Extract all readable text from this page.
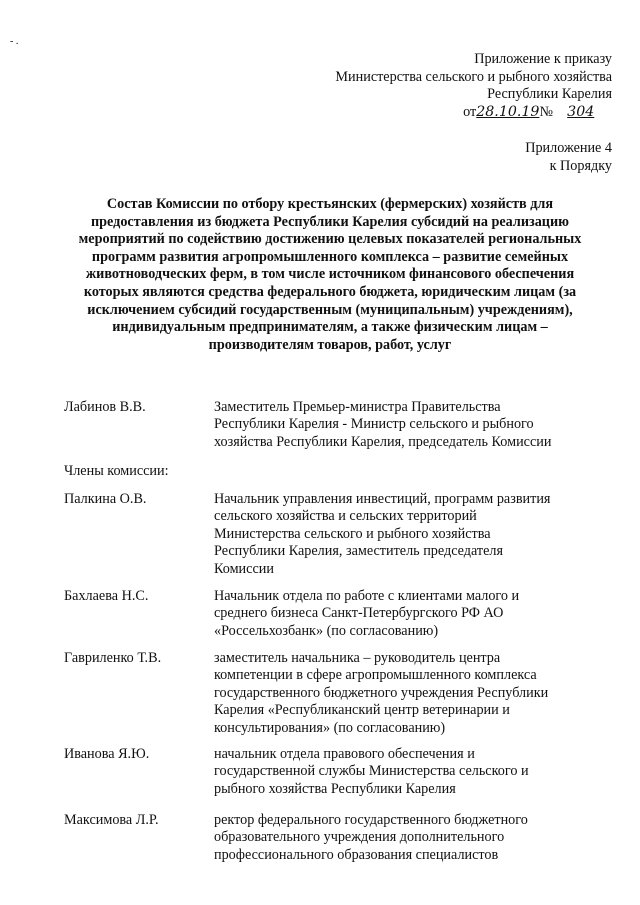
- .
Приложение к приказу
Министерства сельского и рыбного хозяйства
Республики Карелия
от28.10.19№ 304
Приложение 4
к Порядку
Состав Комиссии по отбору крестьянских (фермерских) хозяйств для
предоставления из бюджета Республики Карелия субсидий на реализацию
мероприятий по содействию достижению целевых показателей региональных
программ развития агропромышленного комплекса – развитие семейных
животноводческих ферм, в том числе источником финансового обеспечения
которых являются средства федерального бюджета, юридическим лицам (за
исключением субсидий государственным (муниципальным) учреждениям),
индивидуальным предпринимателям, а также физическим лицам –
производителям товаров, работ, услуг
Лабинов В.В.	Заместитель Премьер-министра Правительства
Республики Карелия - Министр сельского и рыбного
хозяйства Республики Карелия, председатель Комиссии
Члены комиссии:
Палкина О.В.	Начальник управления инвестиций, программ развития
сельского хозяйства и сельских территорий
Министерства сельского и рыбного хозяйства
Республики Карелия, заместитель председателя
Комиссии
Бахлаева Н.С.	Начальник отдела по работе с клиентами малого и
среднего бизнеса Санкт-Петербургского РФ АО
«Россельхозбанк» (по согласованию)
Гавриленко Т.В.	заместитель начальника – руководитель центра
компетенции в сфере агропромышленного комплекса
государственного бюджетного учреждения Республики
Карелия «Республиканский центр ветеринарии и
консультирования» (по согласованию)
Иванова Я.Ю.	начальник отдела правового обеспечения и
государственной службы Министерства сельского и
рыбного хозяйства Республики Карелия
Максимова Л.Р.	ректор федерального государственного бюджетного
образовательного учреждения дополнительного
профессионального образования специалистов
